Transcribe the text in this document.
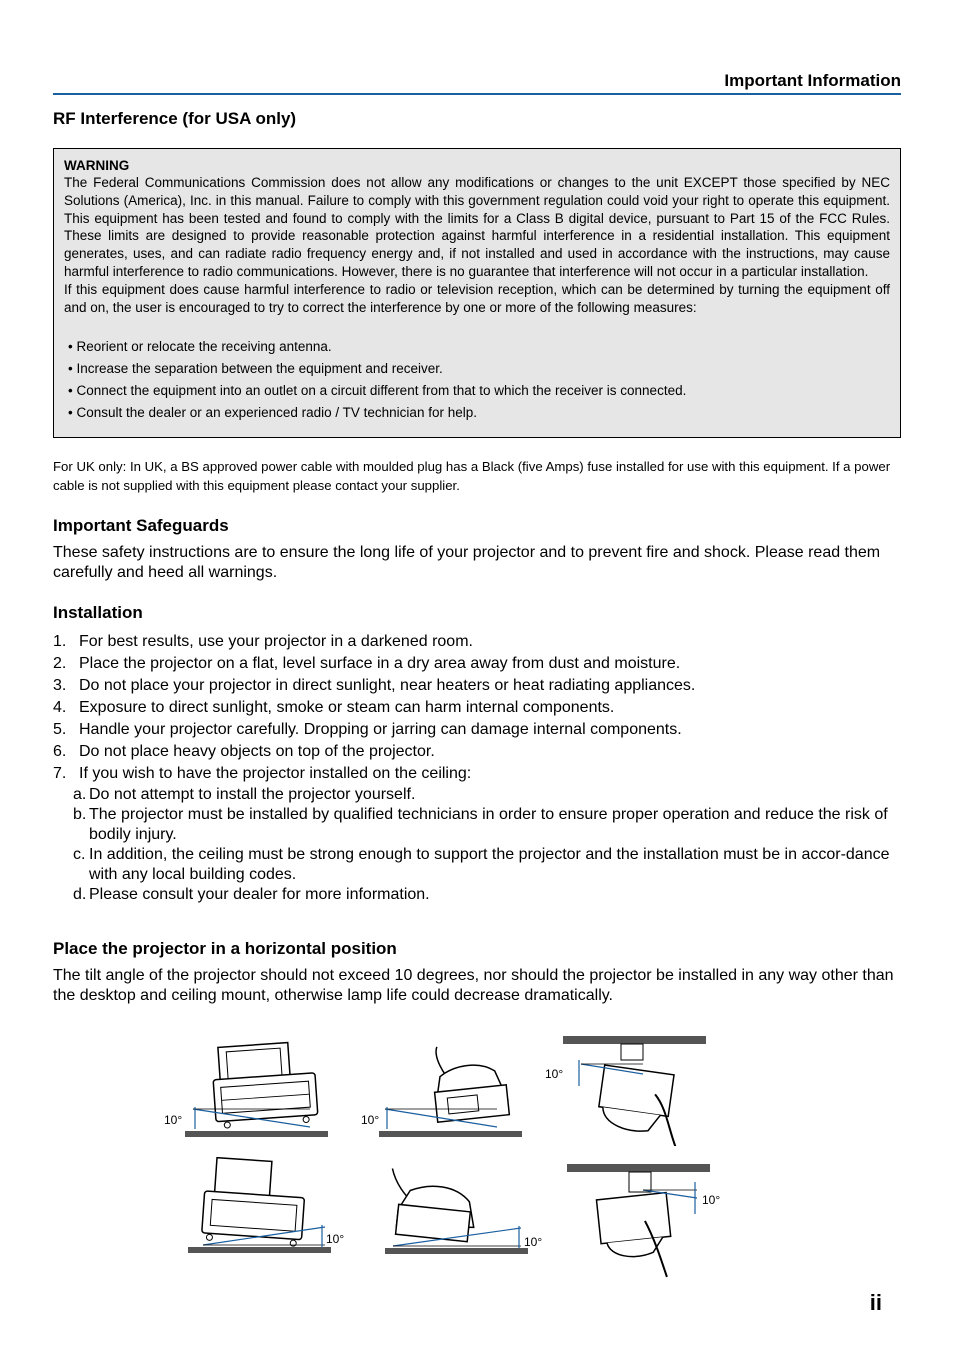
Important Information
RF Interference (for USA only)
WARNING

The Federal Communications Commission does not allow any modifications or changes to the unit EXCEPT those specified by NEC Solutions (America), Inc. in this manual. Failure to comply with this government regulation could void your right to operate this equipment. This equipment has been tested and found to comply with the limits for a Class B digital device, pursuant to Part 15 of the FCC Rules. These limits are designed to provide reasonable protection against harmful interference in a residential installation. This equipment generates, uses, and can radiate radio frequency energy and, if not installed and used in accordance with the instructions, may cause harmful interference to radio communications. However, there is no guarantee that interference will not occur in a particular installation.

If this equipment does cause harmful interference to radio or television reception, which can be determined by turning the equipment off and on, the user is encouraged to try to correct the interference by one or more of the following measures:

• Reorient or relocate the receiving antenna.
• Increase the separation between the equipment and receiver.
• Connect the equipment into an outlet on a circuit different from that to which the receiver is connected.
• Consult the dealer or an experienced radio / TV technician for help.
For UK only: In UK, a BS approved power cable with moulded plug has a Black (five Amps) fuse installed for use with this equipment. If a power cable is not supplied with this equipment please contact your supplier.
Important Safeguards
These safety instructions are to ensure the long life of your projector and to prevent fire and shock. Please read them carefully and heed all warnings.
Installation
1. For best results, use your projector in a darkened room.
2. Place the projector on a flat, level surface in a dry area away from dust and moisture.
3. Do not place your projector in direct sunlight, near heaters or heat radiating appliances.
4. Exposure to direct sunlight, smoke or steam can harm internal components.
5. Handle your projector carefully. Dropping or jarring can damage internal components.
6. Do not place heavy objects on top of the projector.
7. If you wish to have the projector installed on the ceiling:
a. Do not attempt to install the projector yourself.
b. The projector must be installed by qualified technicians in order to ensure proper operation and reduce the risk of bodily injury.
c. In addition, the ceiling must be strong enough to support the projector and the installation must be in accor-dance with any local building codes.
d. Please consult your dealer for more information.
Place the projector in a horizontal position
The tilt angle of the projector should not exceed 10 degrees, nor should the projector be installed in any way other than the desktop and ceiling mount, otherwise lamp life could decrease dramatically.
10°	10°
10°
10°	10°
10°
ii
